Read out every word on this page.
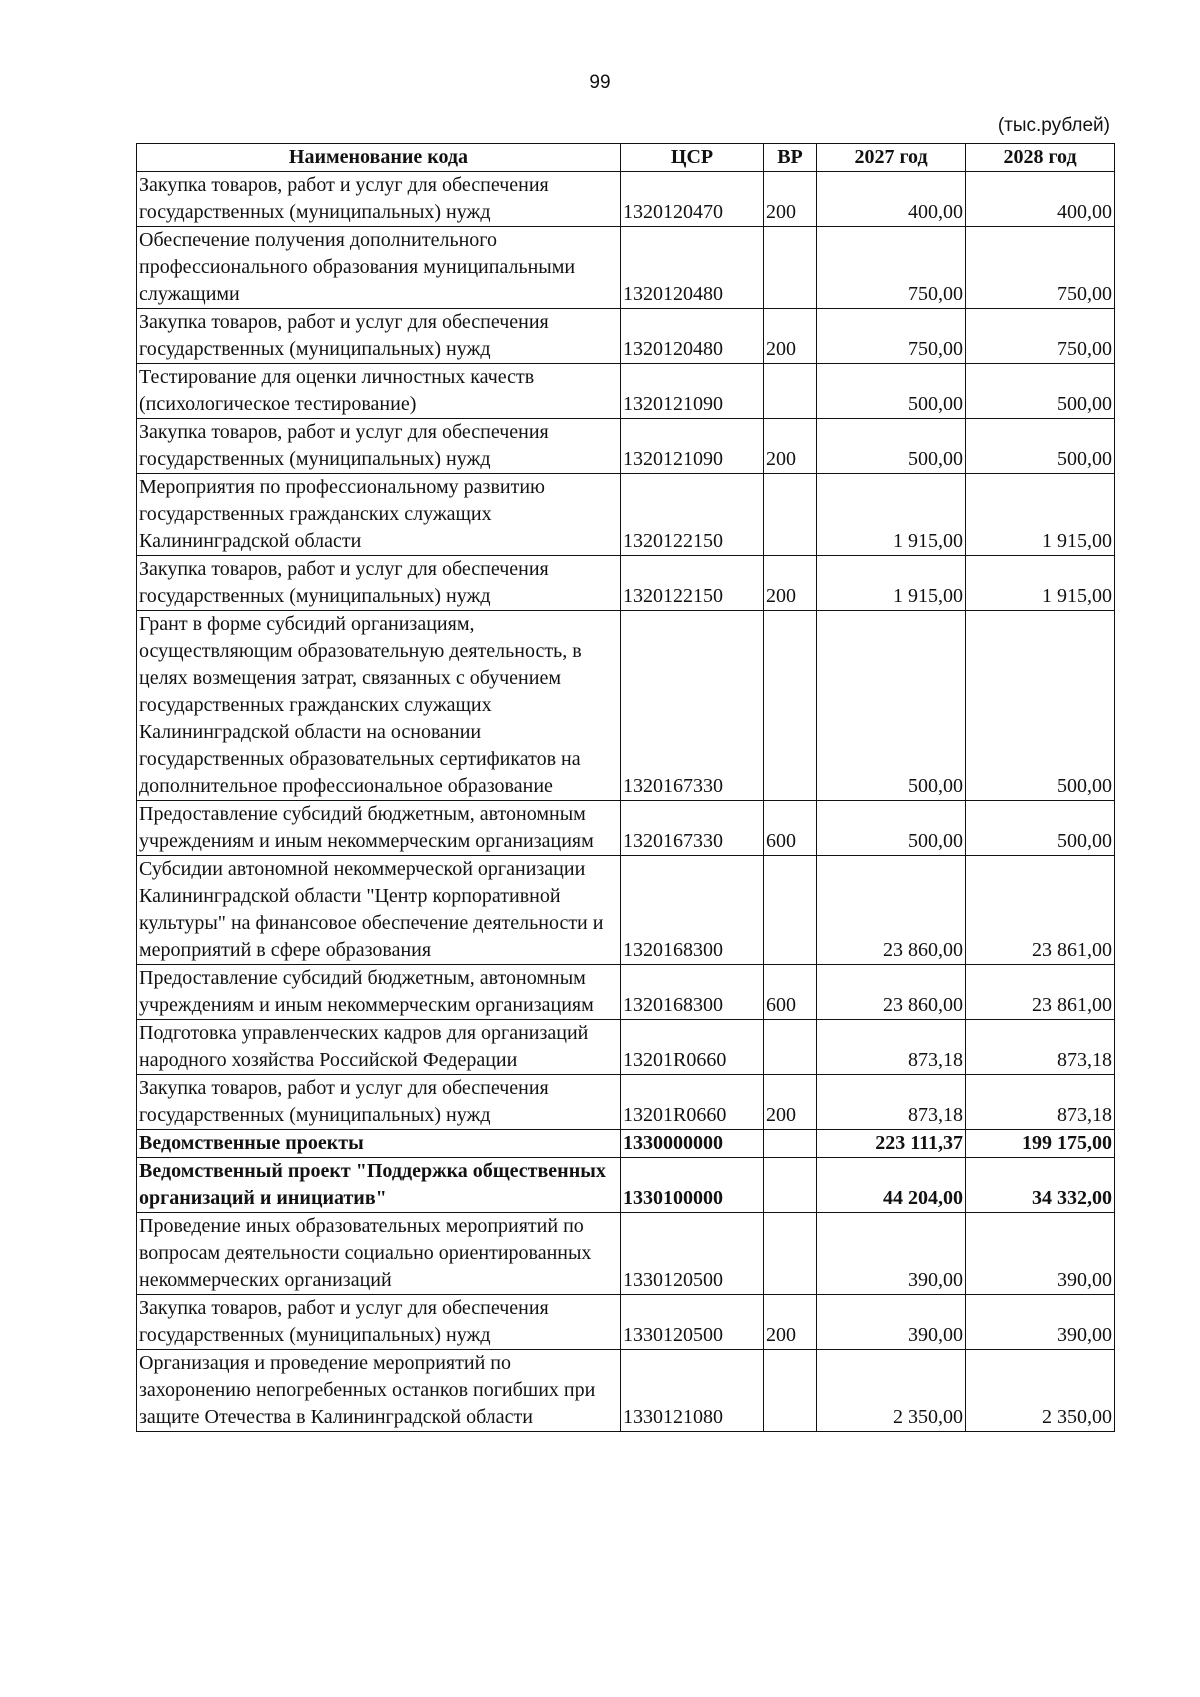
99
(тыс.рублей)
Наименование кода	ЦСР	ВР	2027 год	2028 год
Закупка товаров, работ и услуг для обеспечения государственных (муниципальных) нужд	1320120470	200	400,00	400,00
Обеспечение получения дополнительного профессионального образования муниципальными служащими	1320120480		750,00	750,00
Закупка товаров, работ и услуг для обеспечения государственных (муниципальных) нужд	1320120480	200	750,00	750,00
Тестирование для оценки личностных качеств (психологическое тестирование)	1320121090		500,00	500,00
Закупка товаров, работ и услуг для обеспечения государственных (муниципальных) нужд	1320121090	200	500,00	500,00
Мероприятия по профессиональному развитию государственных гражданских служащих Калининградской области	1320122150		1 915,00	1 915,00
Закупка товаров, работ и услуг для обеспечения государственных (муниципальных) нужд	1320122150	200	1 915,00	1 915,00
Грант в форме субсидий организациям, осуществляющим образовательную деятельность, в целях возмещения затрат, связанных с обучением государственных гражданских служащих Калининградской области на основании государственных образовательных сертификатов на дополнительное профессиональное образование	1320167330		500,00	500,00
Предоставление субсидий бюджетным, автономным учреждениям и иным некоммерческим организациям	1320167330	600	500,00	500,00
Субсидии автономной некоммерческой организации Калининградской области "Центр корпоративной культуры" на финансовое обеспечение деятельности и мероприятий в сфере образования	1320168300		23 860,00	23 861,00
Предоставление субсидий бюджетным, автономным учреждениям и иным некоммерческим организациям	1320168300	600	23 860,00	23 861,00
Подготовка управленческих кадров для организаций народного хозяйства Российской Федерации	13201R0660		873,18	873,18
Закупка товаров, работ и услуг для обеспечения государственных (муниципальных) нужд	13201R0660	200	873,18	873,18
Ведомственные проекты	1330000000		223 111,37	199 175,00
Ведомственный проект "Поддержка общественных организаций и инициатив"	1330100000		44 204,00	34 332,00
Проведение иных образовательных мероприятий по вопросам деятельности социально ориентированных некоммерческих организаций	1330120500		390,00	390,00
Закупка товаров, работ и услуг для обеспечения государственных (муниципальных) нужд	1330120500	200	390,00	390,00
Организация и проведение мероприятий по захоронению непогребенных останков погибших при защите Отечества в Калининградской области	1330121080		2 350,00	2 350,00
